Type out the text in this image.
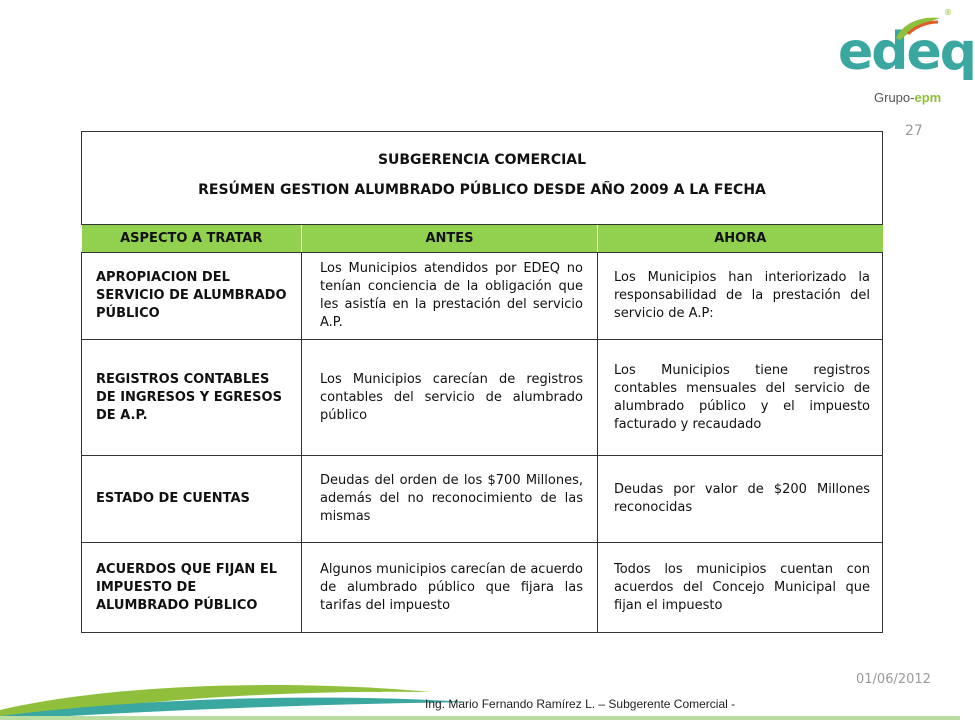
edeq
®
Grupo-epm
27
SUBGERENCIA COMERCIAL
RESÚMEN GESTION ALUMBRADO PÚBLICO DESDE AÑO 2009 A LA FECHA		

ASPECTO A TRATAR	ANTES	AHORA
APROPIACION DEL SERVICIO DE ALUMBRADO PÚBLICO	Los Municipios atendidos por EDEQ no tenían conciencia de la obligación que les asistía en la prestación del servicio A.P.	Los Municipios han interiorizado la responsabilidad de la prestación del servicio de A.P:
REGISTROS CONTABLES DE INGRESOS Y EGRESOS DE A.P.	Los Municipios carecían de registros contables del servicio de alumbrado público	Los Municipios tiene registros contables mensuales del servicio de alumbrado público y el impuesto facturado y recaudado
ESTADO DE CUENTAS	Deudas del orden de los $700 Millones, además del no reconocimiento de las mismas	Deudas por valor de $200 Millones reconocidas
ACUERDOS QUE FIJAN EL IMPUESTO DE ALUMBRADO PÚBLICO	Algunos municipios carecían de acuerdo de alumbrado público que fijara las tarifas del impuesto	Todos los municipios cuentan con acuerdos del Concejo Municipal que fijan el impuesto
01/06/2012
Ing. Mario Fernando Ramírez L. – Subgerente Comercial -
